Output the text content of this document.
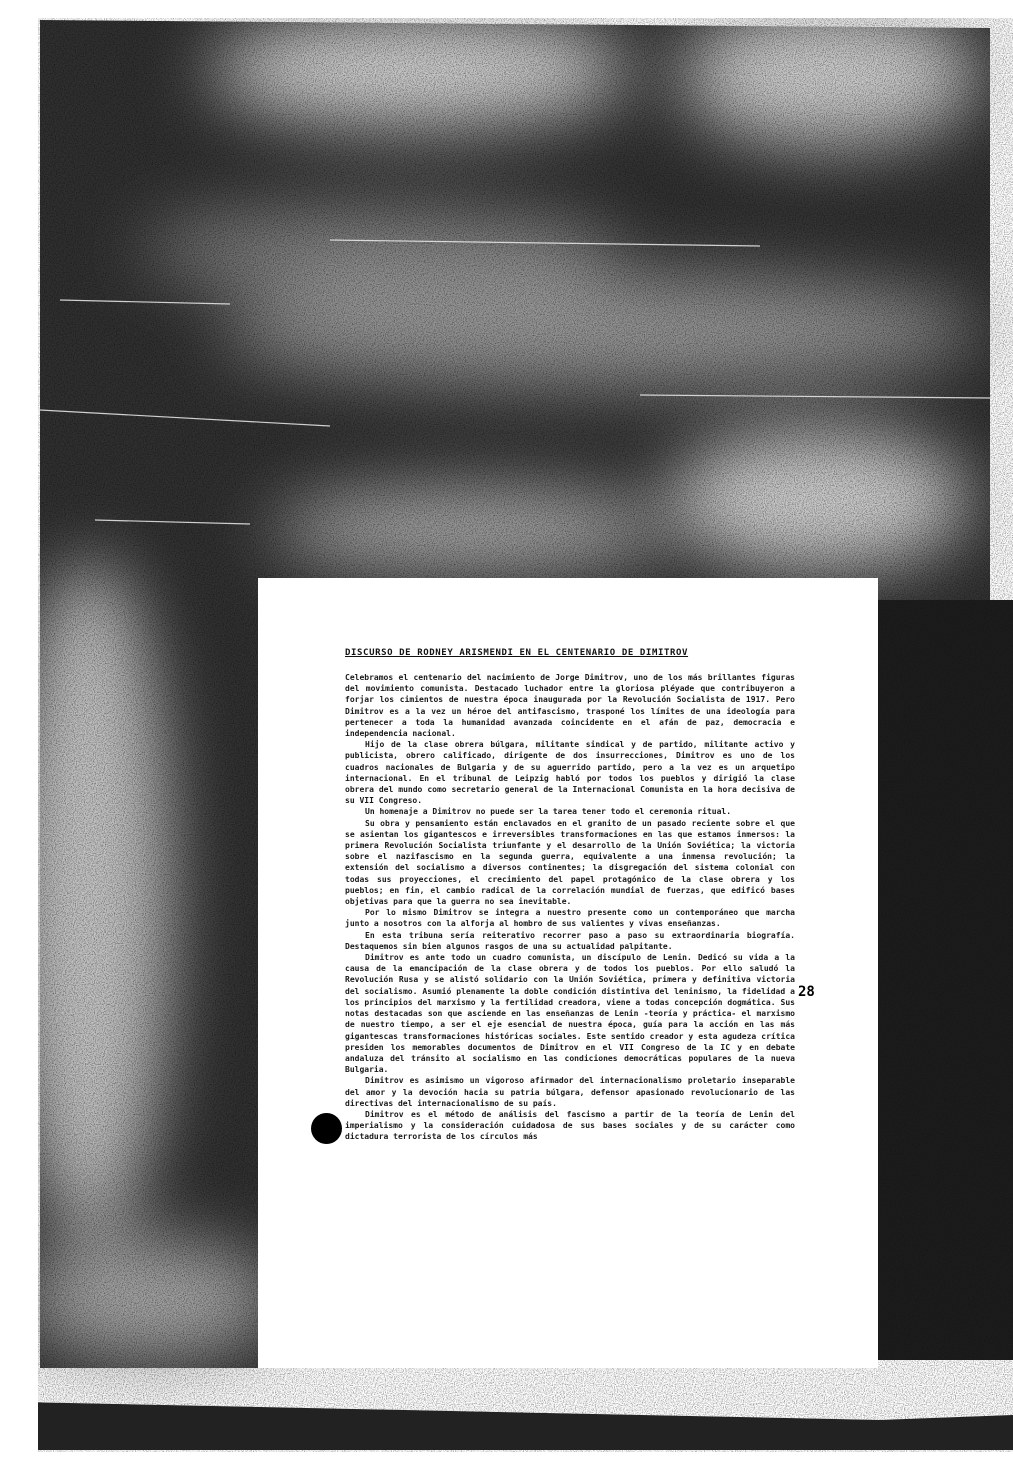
DISCURSO DE RODNEY ARISMENDI EN EL CENTENARIO DE DIMITROV

Celebramos el centenario del nacimiento de Jorge Dimitrov, uno de los más brillantes figuras del movimiento comunista. Destacado luchador entre la gloriosa pléyade que contribuyeron a forjar los cimientos de nuestra época inaugurada por la Revolución Socialista de 1917. Pero Dimitrov es a la vez un héroe del antifascismo, trasponé los límites de una ideología para pertenecer a toda la humanidad avanzada coincidente en el afán de paz, democracia e independencia nacional.

Hijo de la clase obrera búlgara, militante sindical y de partido, militante activo y publicista, obrero calificado, dirigente de dos insurrecciones, Dimitrov es uno de los cuadros nacionales de Bulgaria y de su aguerrido partido, pero a la vez es un arquetipo internacional. En el tribunal de Leipzig habló por todos los pueblos y dirigió la clase obrera del mundo como secretario general de la Internacional Comunista en la hora decisiva de su VII Congreso.

Un homenaje a Dimitrov no puede ser la tarea tener todo el ceremonia ritual.

Su obra y pensamiento están enclavados en el granito de un pasado reciente sobre el que se asientan los gigantescos e irreversibles transformaciones en las que estamos inmersos: la primera Revolución Socialista triunfante y el desarrollo de la Unión Soviética; la victoria sobre el nazifascismo en la segunda guerra, equivalente a una inmensa revolución; la extensión del socialismo a diversos continentes; la disgregación del sistema colonial con todas sus proyecciones, el crecimiento del papel protagónico de la clase obrera y los pueblos; en fin, el cambio radical de la correlación mundial de fuerzas, que edificó bases objetivas para que la guerra no sea inevitable.

Por lo mismo Dimitrov se integra a nuestro presente como un contemporáneo que marcha junto a nosotros con la alforja al hombro de sus valientes y vivas enseñanzas.

En esta tribuna sería reiterativo recorrer paso a paso su extraordinaria biografía. Destaquemos sin bien algunos rasgos de una su actualidad palpitante.

Dimitrov es ante todo un cuadro comunista, un discípulo de Lenin. Dedicó su vida a la causa de la emancipación de la clase obrera y de todos los pueblos. Por ello saludó la Revolución Rusa y se alistó solidario con la Unión Soviética, primera y definitiva victoria del socialismo. Asumió plenamente la doble condición distintiva del leninismo, la fidelidad a los principios del marxismo y la fertilidad creadora, viene a todas concepción dogmática. Sus notas destacadas son que asciende en las enseñanzas de Lenin -teoría y práctica- el marxismo de nuestro tiempo, a ser el eje esencial de nuestra época, guía para la acción en las más gigantescas transformaciones históricas sociales. Este sentido creador y esta agudeza crítica presiden los memorables documentos de Dimitrov en el VII Congreso de la IC y en debate andaluza del tránsito al socialismo en las condiciones democráticas populares de la nueva Bulgaria.

Dimitrov es asimismo un vigoroso afirmador del internacionalismo proletario inseparable del amor y la devoción hacia su patria búlgara, defensor apasionado revolucionario de las directivas del internacionalismo de su país.

Dimitrov es el método de análisis del fascismo a partir de la teoría de Lenin del imperialismo y la consideración cuidadosa de sus bases sociales y de su carácter como dictadura terrorista de los círculos más

28
